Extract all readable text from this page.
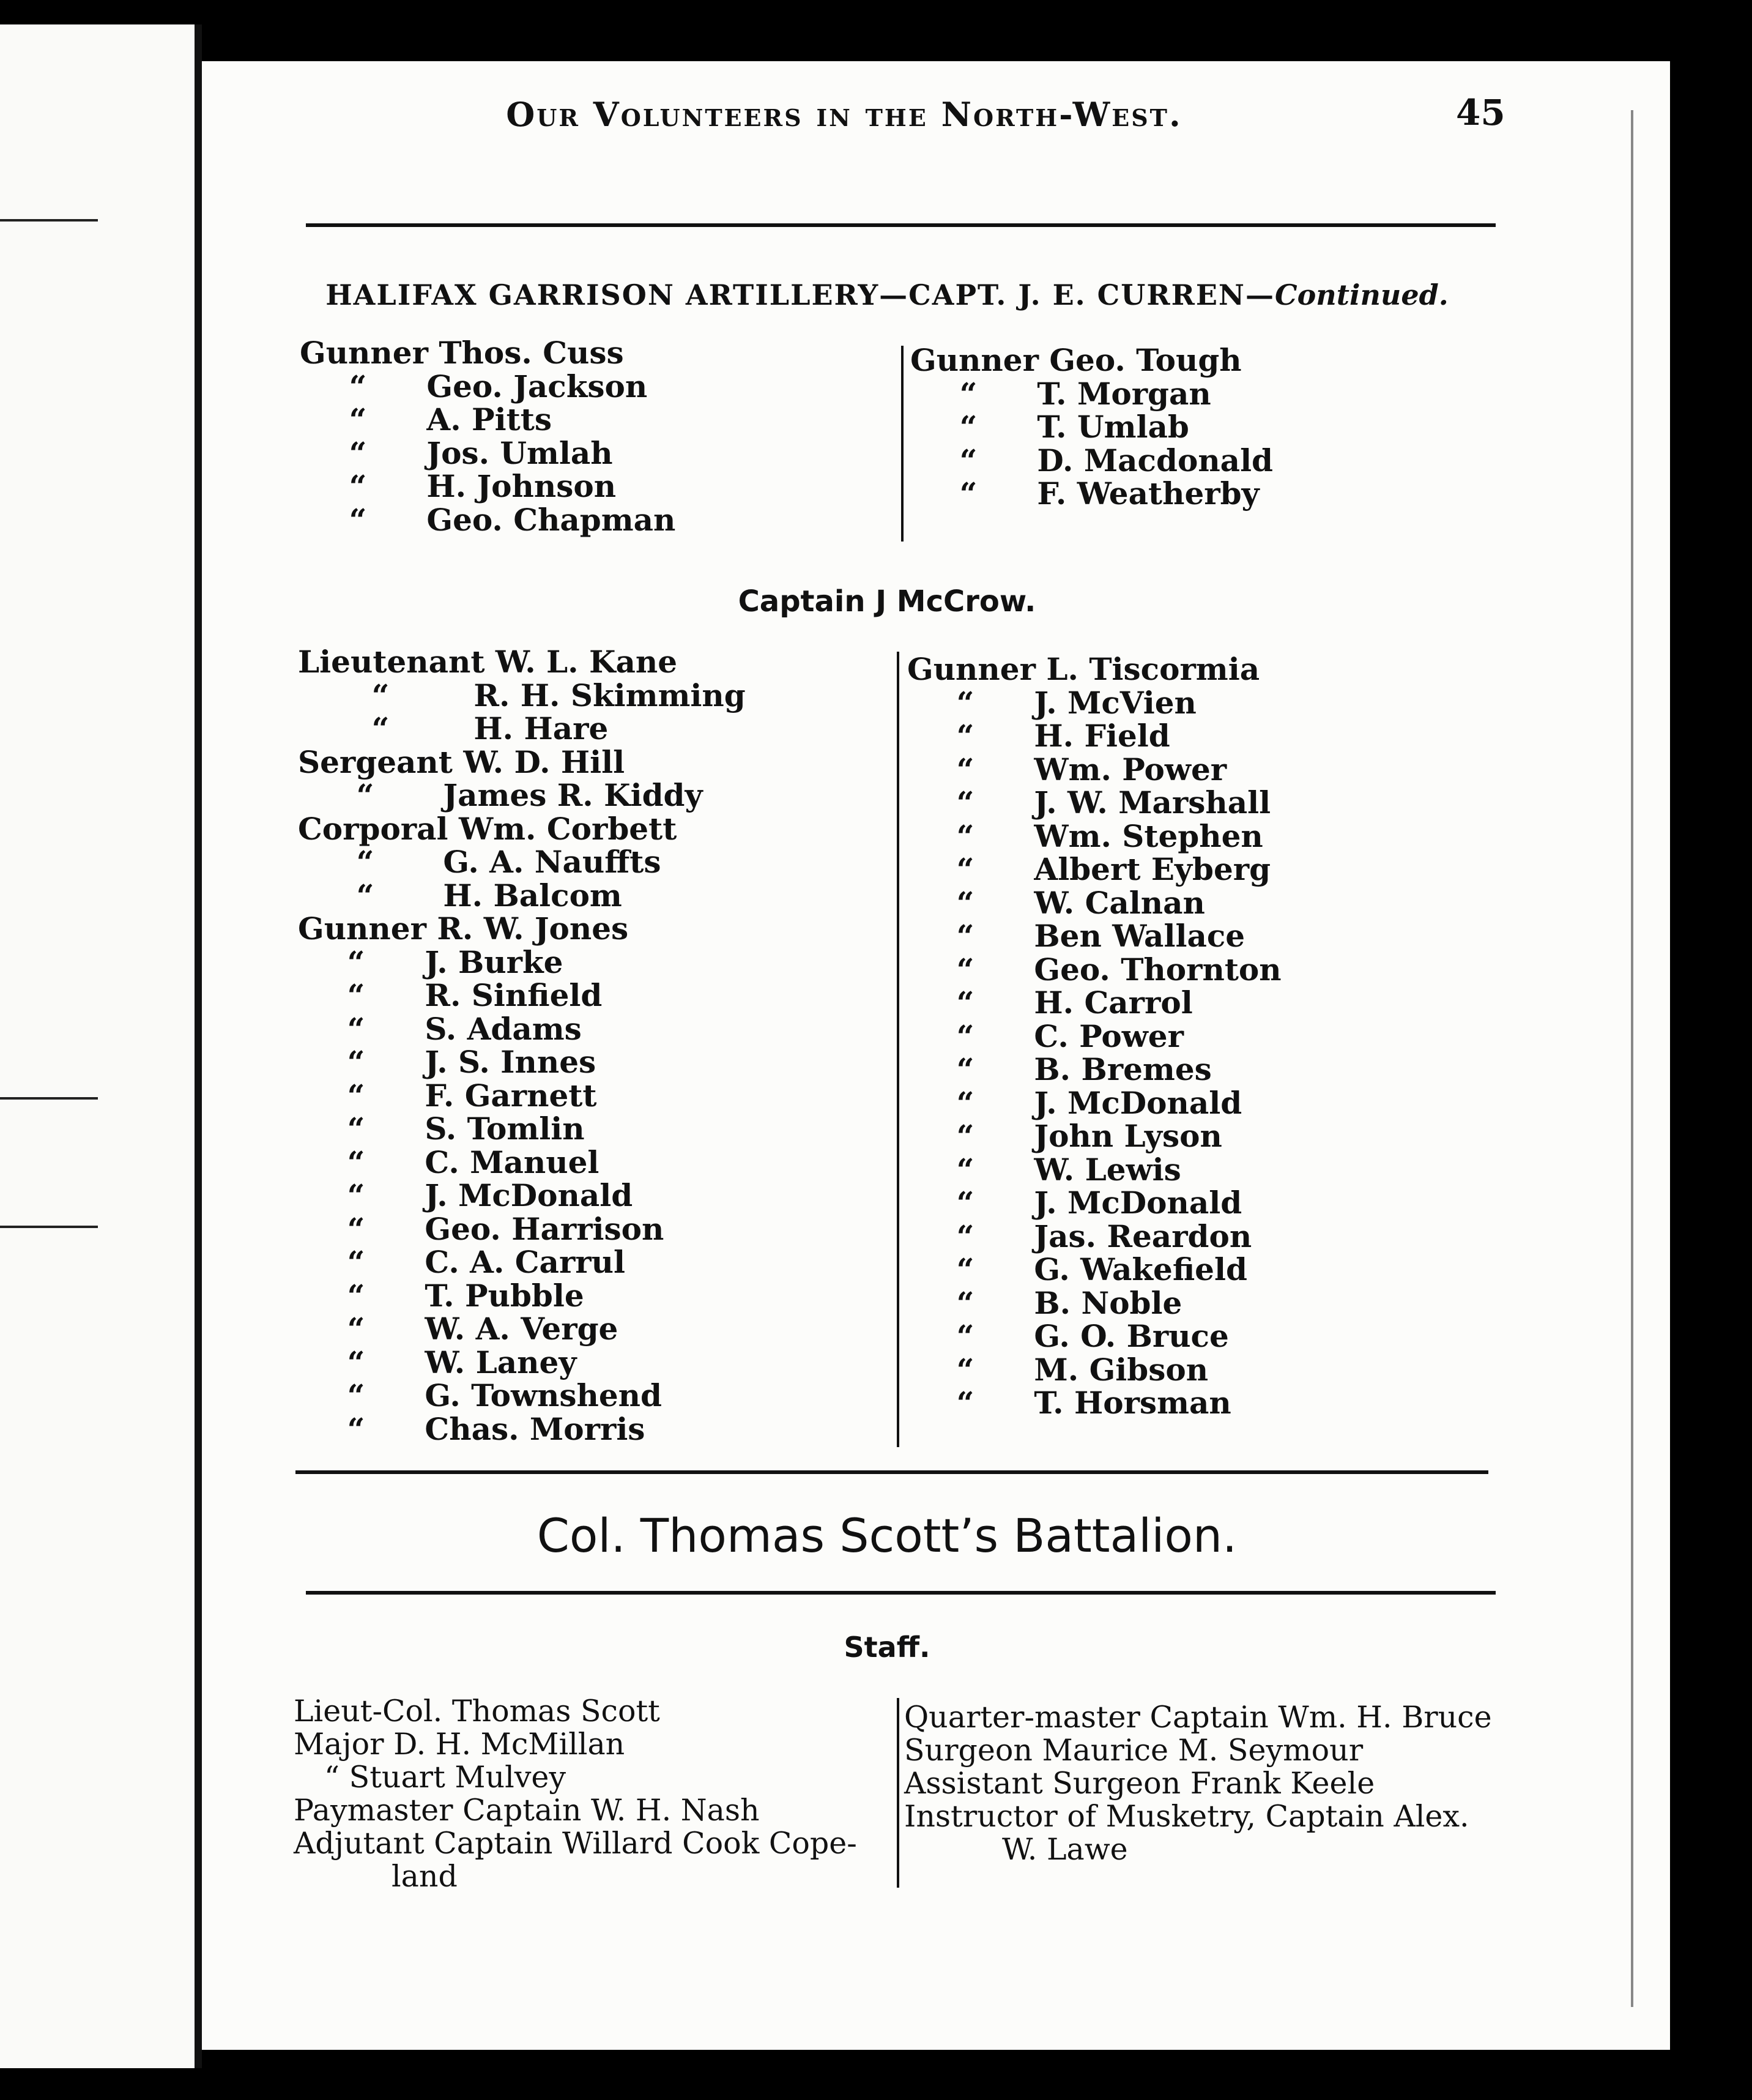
Our Volunteers in the North-West.	45
HALIFAX GARRISON ARTILLERY—CAPT. J. E. CURREN—Continued.
Gunner Thos. Cuss
“ Geo. Jackson
“ A. Pitts
“ Jos. Umlah
“ H. Johnson
“ Geo. Chapman
Gunner Geo. Tough
“ T. Morgan
“ T. Umlab
“ D. Macdonald
“ F. Weatherby
Captain J McCrow.
Lieutenant W. L. Kane
“	R. H. Skimming
“	H. Hare
Sergeant W. D. Hill
“ James R. Kiddy
Corporal Wm. Corbett
“ G. A. Nauffts
“ H. Balcom
Gunner R. W. Jones
“ J. Burke
“ R. Sinfield
“ S. Adams
“ J. S. Innes
“ F. Garnett
“ S. Tomlin
“ C. Manuel
“ J. McDonald
“ Geo. Harrison
“ C. A. Carrul
“ T. Pubble
“ W. A. Verge
“ W. Laney
“ G. Townshend
“ Chas. Morris
Gunner L. Tiscormia
“ J. McVien
“ H. Field
“ Wm. Power
“ J. W. Marshall
“ Wm. Stephen
“ Albert Eyberg
“ W. Calnan
“ Ben Wallace
“ Geo. Thornton
“ H. Carrol
“ C. Power
“ B. Bremes
“ J. McDonald
“ John Lyson
“ W. Lewis
“ J. McDonald
“ Jas. Reardon
“ G. Wakefield
“ B. Noble
“ G. O. Bruce
“ M. Gibson
“ T. Horsman
Col. Thomas Scott’s Battalion.
Staff.
Lieut-Col. Thomas Scott
Major D. H. McMillan
“ Stuart Mulvey
Paymaster Captain W. H. Nash
Adjutant Captain Willard Cook Cope-
land
Quarter-master Captain Wm. H. Bruce
Surgeon Maurice M. Seymour
Assistant Surgeon Frank Keele
Instructor of Musketry, Captain Alex.
W. Lawe
